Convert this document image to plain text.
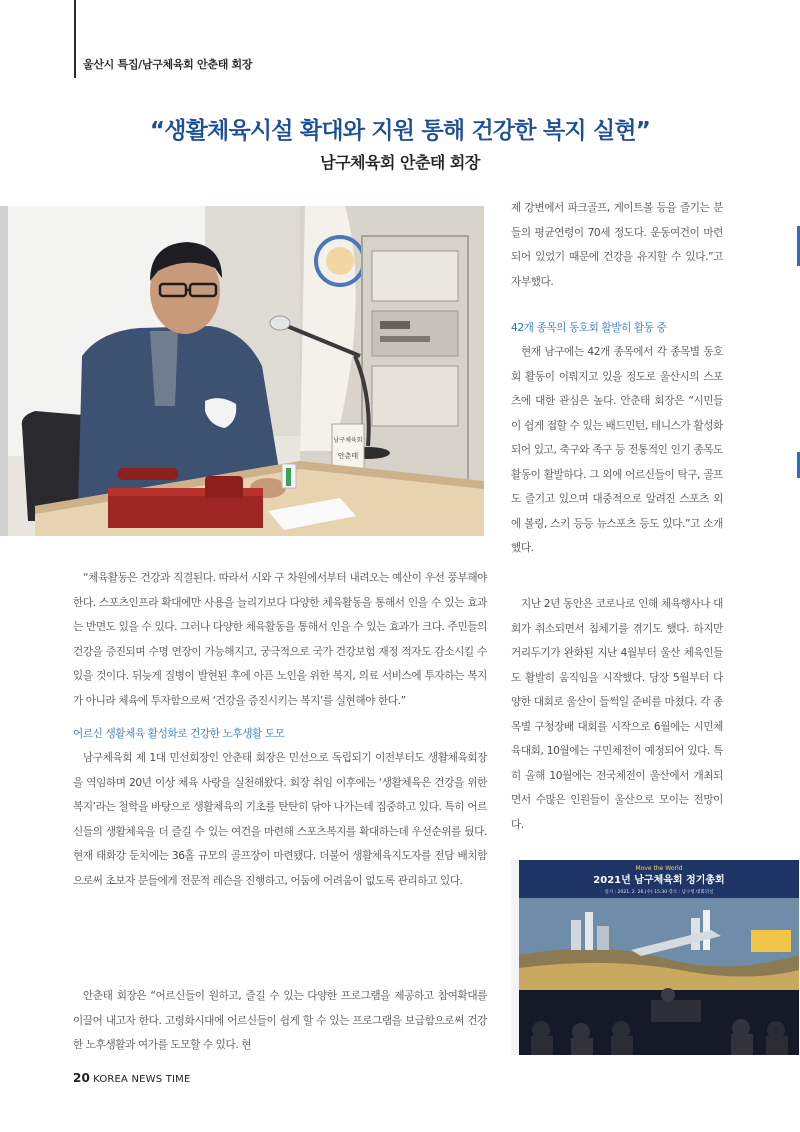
울산시 특집/남구체육회 안춘태 회장
“생활체육시설 확대와 지원 통해 건강한 복지 실현”
남구체육회 안춘태 회장
남구체육회
안춘태

제 강변에서 파크골프, 게이트볼 등을 즐기는 분들의 평균연령이 70세 정도다. 운동여건이 마련되어 있었기 때문에 건강을 유지할 수 있다.”고 자부했다.

42개 종목의 동호회 활발히 활동 중

현재 남구에는 42개 종목에서 각 종목별 동호회 활동이 이뤄지고 있을 정도로 울산시의 스포츠에 대한 관심은 높다. 안춘태 회장은 “시민들이 쉽게 접할 수 있는 배드민턴, 테니스가 활성화 되어 있고, 축구와 족구 등 전통적인 인기 종목도 활동이 활발하다. 그 외에 어르신들이 탁구, 골프도 즐기고 있으며 대중적으로 알려진 스포츠 외에 볼링, 스키 등등 뉴스포츠 등도 있다.”고 소개했다.

지난 2년 동안은 코로나로 인해 체육행사나 대회가 취소되면서 침체기를 겪기도 했다. 하지만 거리두기가 완화된 지난 4월부터 울산 체육인들도 활발히 움직임을 시작했다. 당장 5월부터 다양한 대회로 울산이 들썩일 준비를 마쳤다. 각 종목별 구청장배 대회를 시작으로 6월에는 시민체육대회, 10월에는 구민체전이 예정되어 있다. 특히 올해 10월에는 전국체전이 울산에서 개최되면서 수많은 인원들이 울산으로 모이는 전망이다.

Move the World
2021년 남구체육회 정기총회
일시 : 2021. 2. 26.(수) 15:30 장소 : 남구청 대회의실

“체육활동은 건강과 직결된다. 따라서 시와 구 차원에서부터 내려오는 예산이 우선 풍부해야 한다. 스포츠인프라 확대에만 사용을 늘리기보다 다양한 체육활동을 통해서 인을 수 있는 효과는 반면도 있을 수 있다. 그러나 다양한 체육활동을 통해서 인을 수 있는 효과가 크다. 주민들의 건강을 증진되며 수명 연장이 가능해지고, 궁극적으로 국가 건강보험 재정 적자도 감소시킬 수 있을 것이다. 뒤늦게 질병이 발현된 후에 아픈 노인을 위한 복지, 의료 서비스에 투자하는 복지가 아니라 체육에 투자함으로써 ‘건강을 증진시키는 복지’를 실현해야 한다.”

어르신 생활체육 활성화로 건강한 노후생활 도모

남구체육회 제 1대 민선회장인 안춘태 회장은 민선으로 독립되기 이전부터도 생활체육회장을 역임하며 20년 이상 체육 사랑을 실천해왔다. 회장 취임 이후에는 ‘생활체육은 건강을 위한 복지’라는 철학을 바탕으로 생활체육의 기초를 탄탄히 닦아 나가는데 집중하고 있다. 특히 어르신들의 생활체육을 더 즐길 수 있는 여건을 마련해 스포츠복지를 확대하는데 우선순위를 뒀다. 현재 태화강 둔치에는 36홀 규모의 골프장이 마련됐다. 더불어 생활체육지도자를 전담 배치함으로써 초보자 분들에게 전문적 레슨을 진행하고, 어둠에 어려움이 없도록 관리하고 있다.

안춘태 회장은 “어르신들이 원하고, 즐길 수 있는 다양한 프로그램을 제공하고 참여확대를 이끌어 내고자 한다. 고령화시대에 어르신들이 쉽게 할 수 있는 프로그램을 보급함으로써 건강한 노후생활과 여가를 도모할 수 있다. 현

20 KOREA NEWS TIME
